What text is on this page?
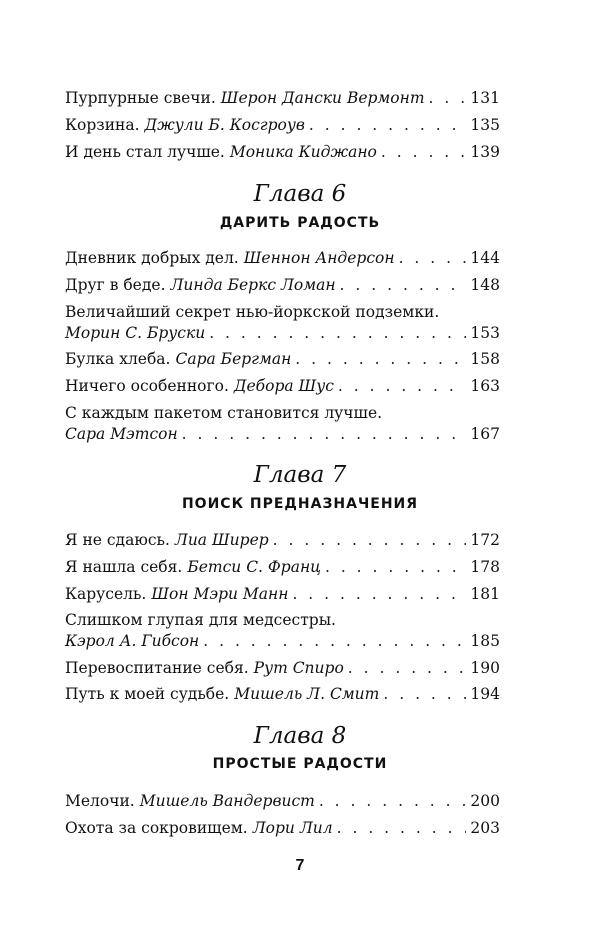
Пурпурные свечи. Шерон Дански Вермонт . . .	131
Корзина. Джули Б. Косгроув . . .	135
И день стал лучше. Моника Киджано . . .	139
Глава 6
ДАРИТЬ РАДОСТЬ
Дневник добрых дел. Шеннон Андерсон . . .	144
Друг в беде. Линда Беркс Ломан . . .	148
Величайший секрет нью-йоркской подземки.
Морин С. Бруски . . .	153
Булка хлеба. Сара Бергман . . .	158
Ничего особенного. Дебора Шус . . .	163
С каждым пакетом становится лучше.
Сара Мэтсон . . .	167
Глава 7
ПОИСК ПРЕДНАЗНАЧЕНИЯ
Я не сдаюсь. Лиа Ширер . . .	172
Я нашла себя. Бетси С. Франц . . .	178
Карусель. Шон Мэри Манн . . .	181
Слишком глупая для медсестры.
Кэрол А. Гибсон . . .	185
Перевоспитание себя. Рут Спиро . . .	190
Путь к моей судьбе. Мишель Л. Смит . . .	194
Глава 8
ПРОСТЫЕ РАДОСТИ
Мелочи. Мишель Вандервист . . .	200
Охота за сокровищем. Лори Лил . . .	203
7
